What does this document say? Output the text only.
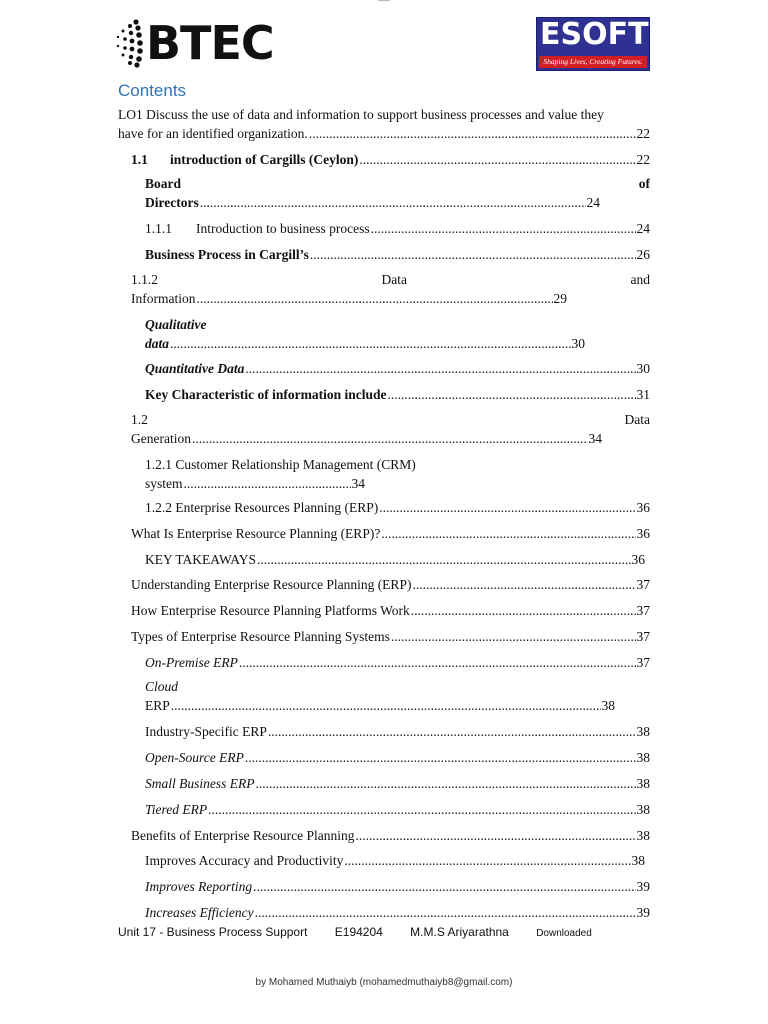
BTEC	ESOFT
Shaping Lives, Creating Futures.
Contents
LO1 Discuss the use of data and information to support business processes and value they
have for an identified organization. .....	22
1.1	introduction of Cargills (Ceylon) .....	22
Board	of
Directors .....	24
1.1.1	Introduction to business process .....	24
Business Process in Cargill’s .....	26
1.1.2	Data	and
Information .....	29
Qualitative
data .....	30
Quantitative Data .....	30
Key Characteristic of information include .....	31
1.2	Data
Generation .....	34
1.2.1 Customer Relationship Management (CRM)
system .....	34
1.2.2 Enterprise Resources Planning (ERP) .....	36
What Is Enterprise Resource Planning (ERP)? .....	36
KEY TAKEAWAYS .....	36
Understanding Enterprise Resource Planning (ERP) .....	37
How Enterprise Resource Planning Platforms Work .....	37
Types of Enterprise Resource Planning Systems .....	37
On-Premise ERP .....	37
Cloud
ERP .....	38
Industry-Specific ERP .....	38
Open-Source ERP .....	38
Small Business ERP .....	38
Tiered ERP .....	38
Benefits of Enterprise Resource Planning .....	38
Improves Accuracy and Productivity .....	38
Improves Reporting .....	39
Increases Efficiency .....	39
Unit 17 - Business Process Support E194204 M.M.S Ariyarathna	Downloaded
by Mohamed Muthaiyb (mohamedmuthaiyb8@gmail.com)
